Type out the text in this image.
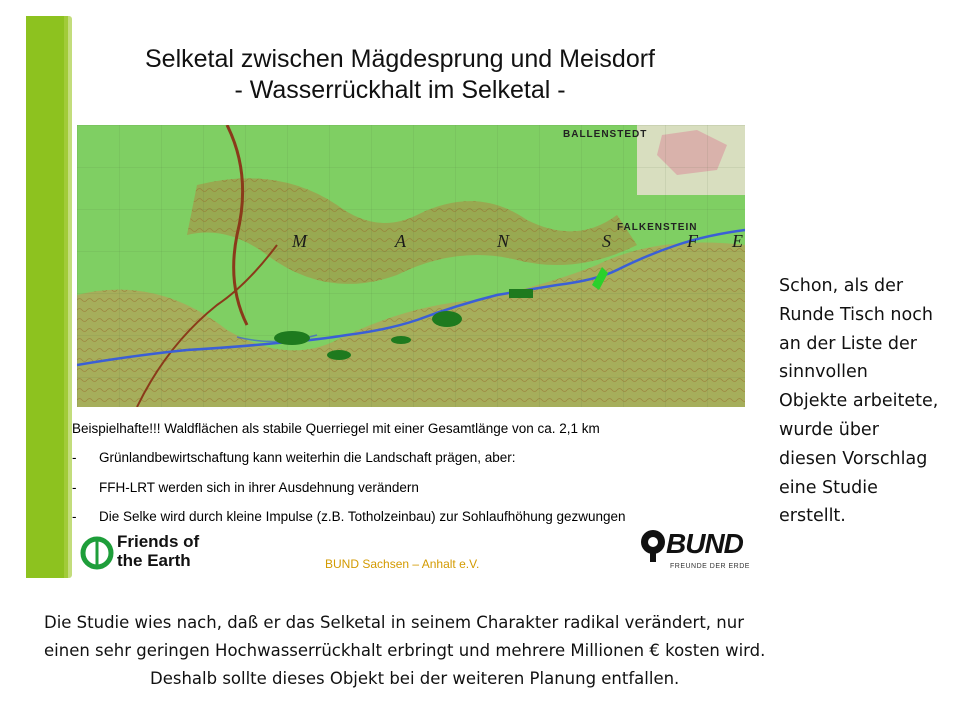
Selketal zwischen Mägdesprung und Meisdorf
- Wasserrückhalt im Selketal -
BALLENSTEDT
FALKENSTEIN
M	A	N	S	F E
Beispielhafte!!! Waldflächen als stabile Querriegel mit einer Gesamtlänge von ca. 2,1 km
- Grünlandbewirtschaftung kann weiterhin die Landschaft prägen, aber:
- FFH-LRT werden sich in ihrer Ausdehnung verändern
- Die Selke wird durch kleine Impulse (z.B. Totholzeinbau) zur Sohlaufhöhung gezwungen
Friends of
the Earth	BUND Sachsen – Anhalt e.V.
BUND
FREUNDE DER ERDE
Schon, als der Runde Tisch noch an der Liste der sinnvollen Objekte arbeitete, wurde über diesen Vorschlag eine Studie erstellt.
Die Studie wies nach, daß er das Selketal in seinem Charakter radikal verändert, nur
einen sehr geringen Hochwasserrückhalt erbringt und mehrere Millionen € kosten wird.
Deshalb sollte dieses Objekt bei der weiteren Planung entfallen.
